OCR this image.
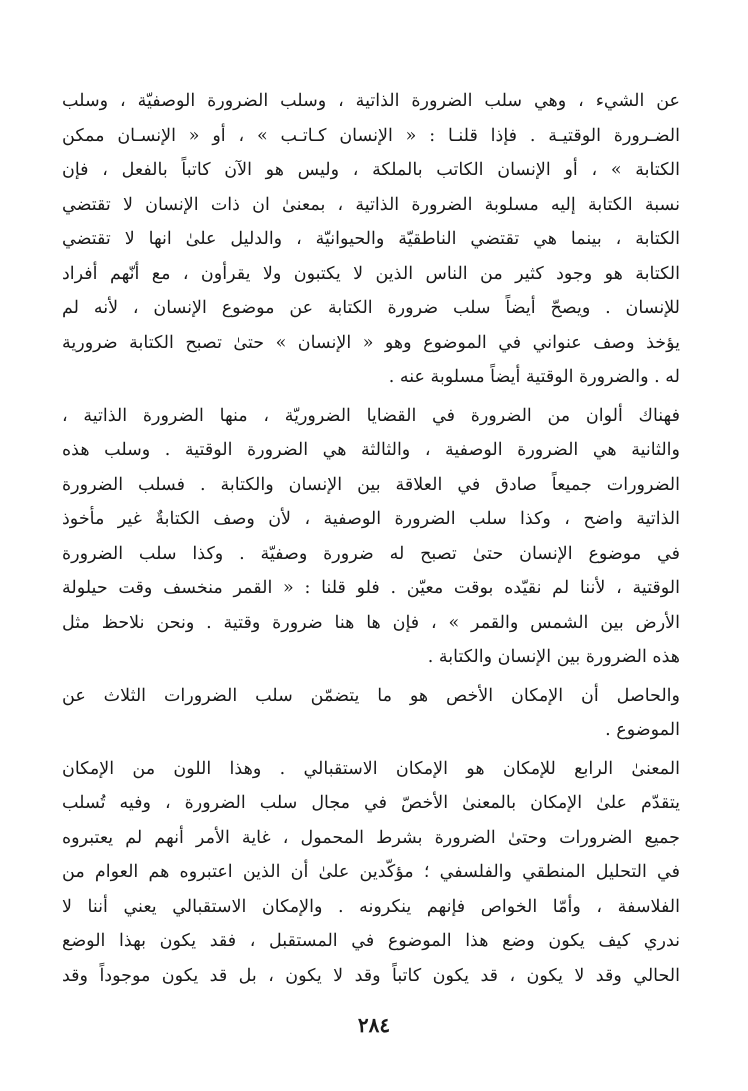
عن الشيء ، وهي سلب الضرورة الذاتية ، وسلب الضرورة الوصفيّة ، وسلب
الضـرورة الوقتيـة . فإذا قلنـا : « الإنسان كـاتـب » ، أو « الإنسـان ممكن
الكتابة » ، أو الإنسان الكاتب بالملكة ، وليس هو الآن كاتباً بالفعل ، فإن
نسبة الكتابة إليه مسلوبة الضرورة الذاتية ، بمعنىٰ ان ذات الإنسان لا تقتضي
الكتابة ، بينما هي تقتضي الناطقيّة والحيوانيّة ، والدليل علىٰ انها لا تقتضي
الكتابة هو وجود كثير من الناس الذين لا يكتبون ولا يقرأون ، مع أنّهم أفراد
للإنسان . ويصحّ أيضاً سلب ضرورة الكتابة عن موضوع الإنسان ، لأنه لم
يؤخذ وصف عنواني في الموضوع وهو « الإنسان » حتىٰ تصبح الكتابة ضرورية
له . والضرورة الوقتية أيضاً مسلوبة عنه .
فهناك ألوان من الضرورة في القضايا الضروريّة ، منها الضرورة الذاتية ،
والثانية هي الضرورة الوصفية ، والثالثة هي الضرورة الوقتية . وسلب هذه
الضرورات جميعاً صادق في العلاقة بين الإنسان والكتابة . فسلب الضرورة
الذاتية واضح ، وكذا سلب الضرورة الوصفية ، لأن وصف الكتابةٌ غير مأخوذ
في موضوع الإنسان حتىٰ تصبح له ضرورة وصفيّة . وكذا سلب الضرورة
الوقتية ، لأننا لم نقيّده بوقت معيّن . فلو قلنا : « القمر منخسف وقت حيلولة
الأرض بين الشمس والقمر » ، فإن ها هنا ضرورة وقتية . ونحن نلاحظ مثل
هذه الضرورة بين الإنسان والكتابة .
والحاصل أن الإمكان الأخص هو ما يتضمّن سلب الضرورات الثلاث عن
الموضوع .
المعنىٰ الرابع للإمكان هو الإمكان الاستقبالي . وهذا اللون من الإمكان
يتقدّم علىٰ الإمكان بالمعنىٰ الأخصّ في مجال سلب الضرورة ، وفيه تُسلب
جميع الضرورات وحتىٰ الضرورة بشرط المحمول ، غاية الأمر أنهم لم يعتبروه
في التحليل المنطقي والفلسفي ؛ مؤكّدين علىٰ أن الذين اعتبروه هم العوام من
الفلاسفة ، وأمّا الخواص فإنهم ينكرونه . والإمكان الاستقبالي يعني أننا لا
ندري كيف يكون وضع هذا الموضوع في المستقبل ، فقد يكون بهذا الوضع
الحالي وقد لا يكون ، قد يكون كاتباً وقد لا يكون ، بل قد يكون موجوداً وقد
٢٨٤
